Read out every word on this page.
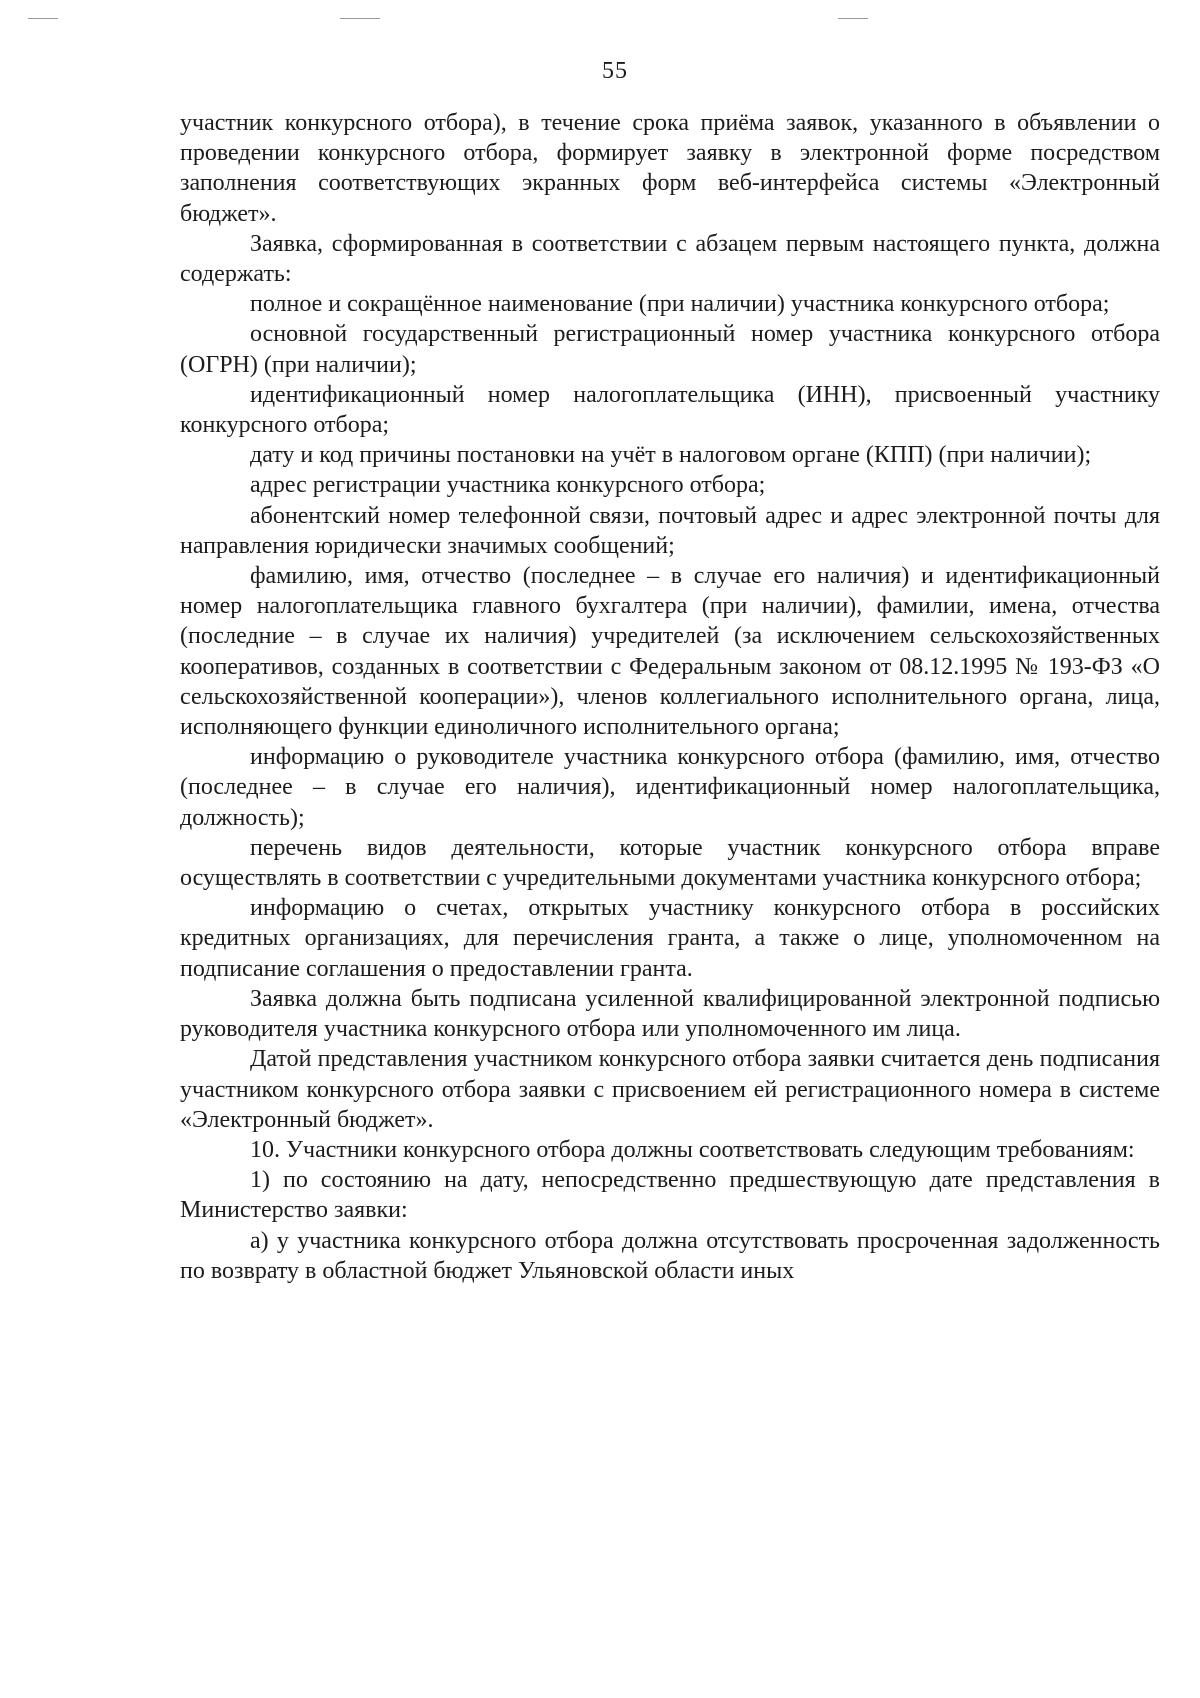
55

участник конкурсного отбора), в течение срока приёма заявок, указанного в объявлении о проведении конкурсного отбора, формирует заявку в электронной форме посредством заполнения соответствующих экранных форм веб-интерфейса системы «Электронный бюджет».

Заявка, сформированная в соответствии с абзацем первым настоящего пункта, должна содержать:

полное и сокращённое наименование (при наличии) участника конкурсного отбора;

основной государственный регистрационный номер участника конкурсного отбора (ОГРН) (при наличии);

идентификационный номер налогоплательщика (ИНН), присвоенный участнику конкурсного отбора;

дату и код причины постановки на учёт в налоговом органе (КПП) (при наличии);

адрес регистрации участника конкурсного отбора;

абонентский номер телефонной связи, почтовый адрес и адрес электронной почты для направления юридически значимых сообщений;

фамилию, имя, отчество (последнее – в случае его наличия) и идентификационный номер налогоплательщика главного бухгалтера (при наличии), фамилии, имена, отчества (последние – в случае их наличия) учредителей (за исключением сельскохозяйственных кооперативов, созданных в соответствии с Федеральным законом от 08.12.1995 № 193-ФЗ «О сельскохозяйственной кооперации»), членов коллегиального исполнительного органа, лица, исполняющего функции единоличного исполнительного органа;

информацию о руководителе участника конкурсного отбора (фамилию, имя, отчество (последнее – в случае его наличия), идентификационный номер налогоплательщика, должность);

перечень видов деятельности, которые участник конкурсного отбора вправе осуществлять в соответствии с учредительными документами участника конкурсного отбора;

информацию о счетах, открытых участнику конкурсного отбора в российских кредитных организациях, для перечисления гранта, а также о лице, уполномоченном на подписание соглашения о предоставлении гранта.

Заявка должна быть подписана усиленной квалифицированной электронной подписью руководителя участника конкурсного отбора или уполномоченного им лица.

Датой представления участником конкурсного отбора заявки считается день подписания участником конкурсного отбора заявки с присвоением ей регистрационного номера в системе «Электронный бюджет».

10. Участники конкурсного отбора должны соответствовать следующим требованиям:

1) по состоянию на дату, непосредственно предшествующую дате представления в Министерство заявки:

а) у участника конкурсного отбора должна отсутствовать просроченная задолженность по возврату в областной бюджет Ульяновской области иных
